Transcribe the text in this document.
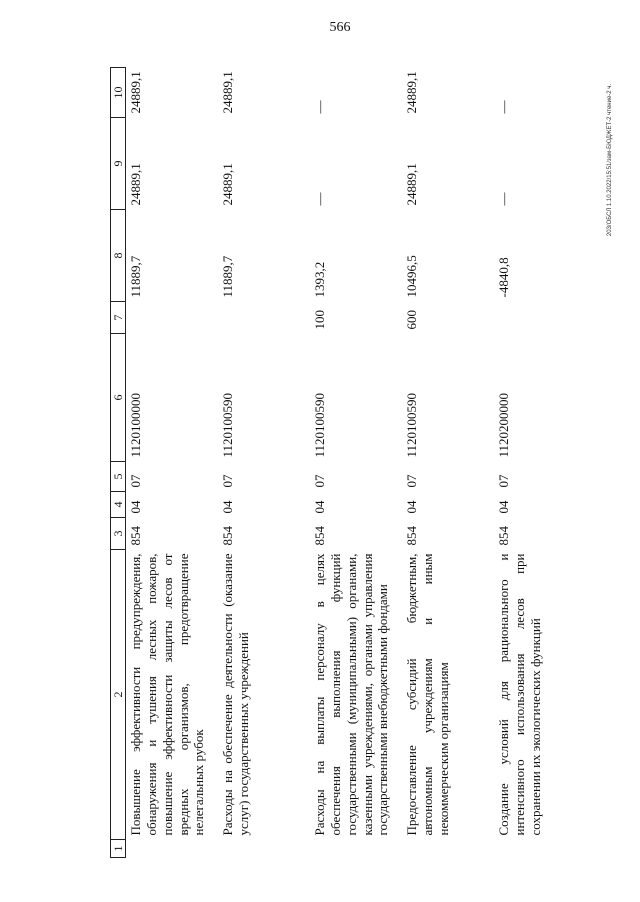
566
203/ОБСЛ 1.10.2022/15:51/зам-БЮДЖЕТ-2 чтение-2 ч.
1	2	3	4	5	6	7	8	9	10
	Повышение эффективности предупреждения, обнаружения и тушения лесных пожаров, повышение эффективности защиты лесов от вредных организмов, предотвращение нелегальных рубок	854	04	07	1120100000		11889,7	24889,1	24889,1
	Расходы на обеспечение деятельности (оказание услуг) государственных учреждений	854	04	07	1120100590		11889,7	24889,1	24889,1
	Расходы на выплаты персоналу в целях обеспечения выполнения функций государственными (муниципальными) органами, казенными учреждениями, органами управления государственными внебюджетными фондами	854	04	07	1120100590	100	1393,2	—	—
	Предоставление субсидий бюджетным, автономным учреждениям и иным некоммерческим организациям	854	04	07	1120100590	600	10496,5	24889,1	24889,1
	Создание условий для рационального и интенсивного использования лесов при сохранении их экологических функций	854	04	07	1120200000		-4840,8	—	—
